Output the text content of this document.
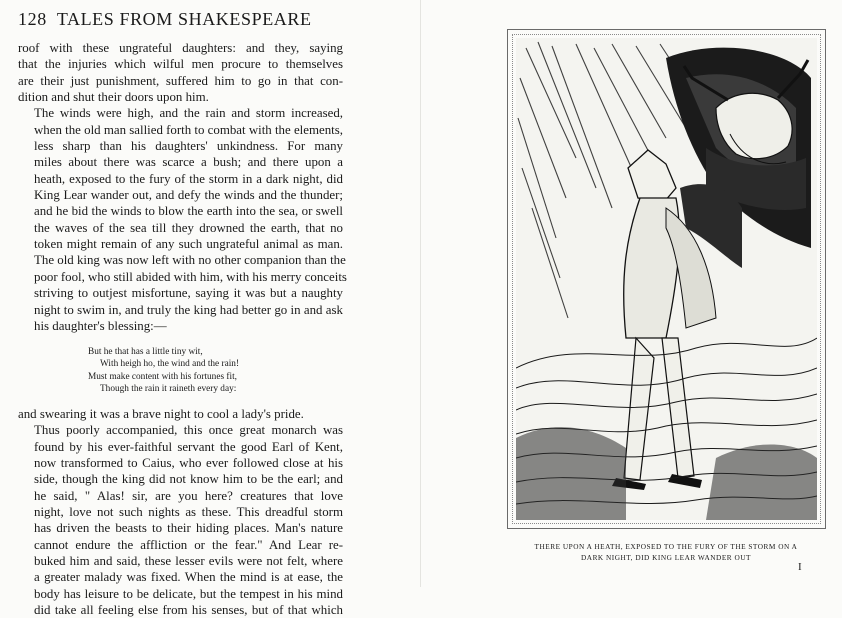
128 TALES FROM SHAKESPEARE

roof with these ungrateful daughters: and they, saying
that the injuries which wilful men procure to themselves
are their just punishment, suffered him to go in that con-
dition and shut their doors upon him.

The winds were high, and the rain and storm increased,
when the old man sallied forth to combat with the elements,
less sharp than his daughters' unkindness. For many
miles about there was scarce a bush; and there upon a
heath, exposed to the fury of the storm in a dark night, did
King Lear wander out, and defy the winds and the thunder;
and he bid the winds to blow the earth into the sea, or swell
the waves of the sea till they drowned the earth, that no
token might remain of any such ungrateful animal as man.
The old king was now left with no other companion than the
poor fool, who still abided with him, with his merry conceits
striving to outjest misfortune, saying it was but a naughty
night to swim in, and truly the king had better go in and ask
his daughter's blessing:—

But he that has a little tiny wit,
With heigh ho, the wind and the rain!
Must make content with his fortunes fit,
Though the rain it raineth every day:

and swearing it was a brave night to cool a lady's pride.

Thus poorly accompanied, this once great monarch was
found by his ever-faithful servant the good Earl of Kent,
now transformed to Caius, who ever followed close at his
side, though the king did not know him to be the earl; and
he said, " Alas! sir, are you here? creatures that love
night, love not such nights as these. This dreadful storm
has driven the beasts to their hiding places. Man's nature
cannot endure the affliction or the fear." And Lear re-
buked him and said, these lesser evils were not felt, where
a greater malady was fixed. When the mind is at ease, the
body has leisure to be delicate, but the tempest in his mind
did take all feeling else from his senses, but of that which

THERE UPON A HEATH, EXPOSED TO THE FURY OF THE STORM ON A
DARK NIGHT, DID KING LEAR WANDER OUT
I
